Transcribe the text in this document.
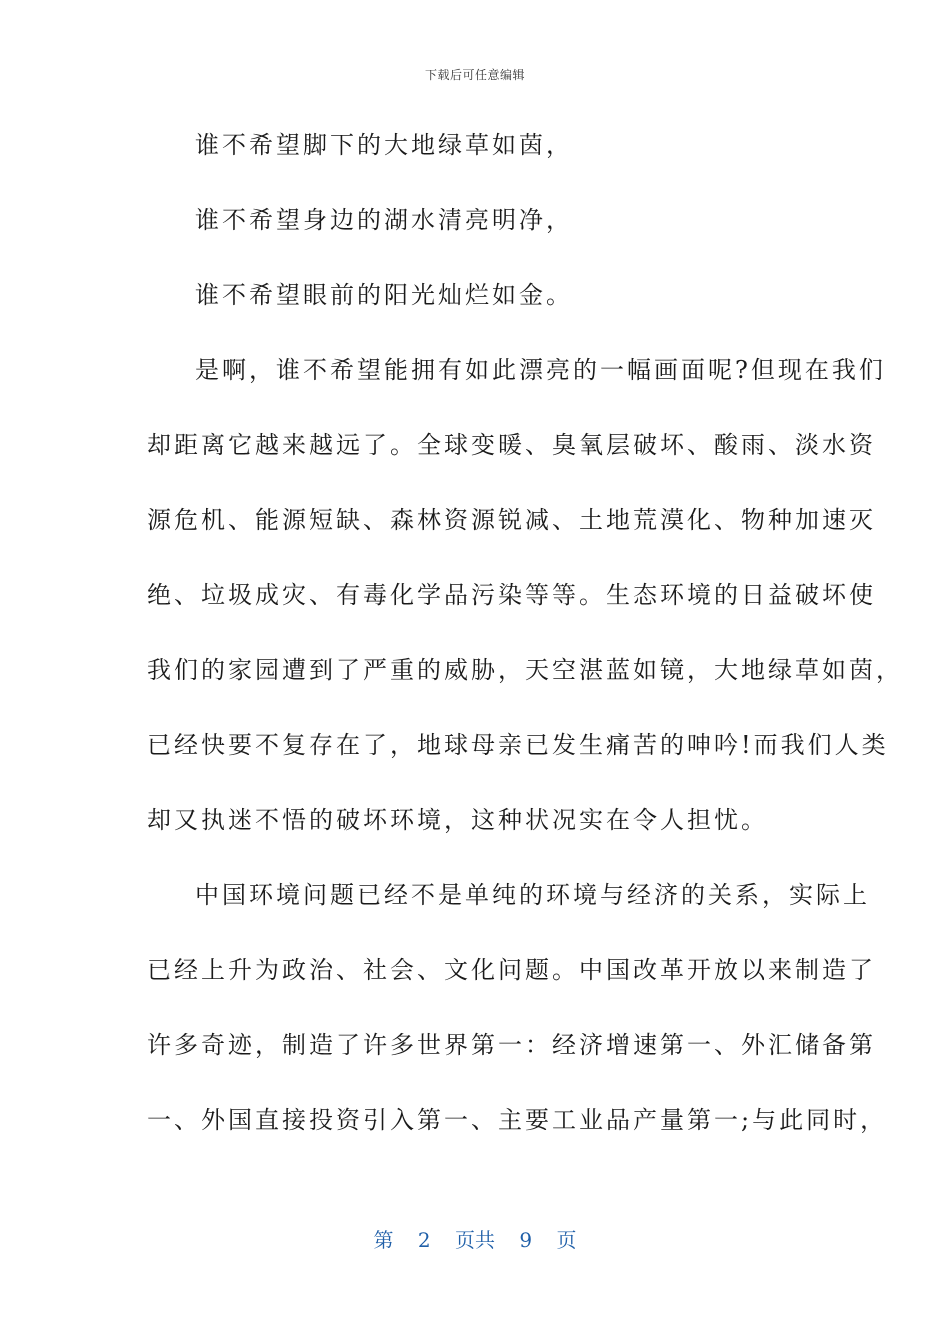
下载后可任意编辑
谁不希望脚下的大地绿草如茵，
谁不希望身边的湖水清亮明净，
谁不希望眼前的阳光灿烂如金。
是啊，谁不希望能拥有如此漂亮的一幅画面呢?但现在我们
却距离它越来越远了。全球变暖、臭氧层破坏、酸雨、淡水资
源危机、能源短缺、森林资源锐减、土地荒漠化、物种加速灭
绝、垃圾成灾、有毒化学品污染等等。生态环境的日益破坏使
我们的家园遭到了严重的威胁，天空湛蓝如镜，大地绿草如茵，
已经快要不复存在了，地球母亲已发生痛苦的呻吟!而我们人类
却又执迷不悟的破坏环境，这种状况实在令人担忧。
中国环境问题已经不是单纯的环境与经济的关系，实际上
已经上升为政治、社会、文化问题。中国改革开放以来制造了
许多奇迹，制造了许多世界第一：经济增速第一、外汇储备第
一、外国直接投资引入第一、主要工业品产量第一;与此同时，
第 2 页共 9 页
